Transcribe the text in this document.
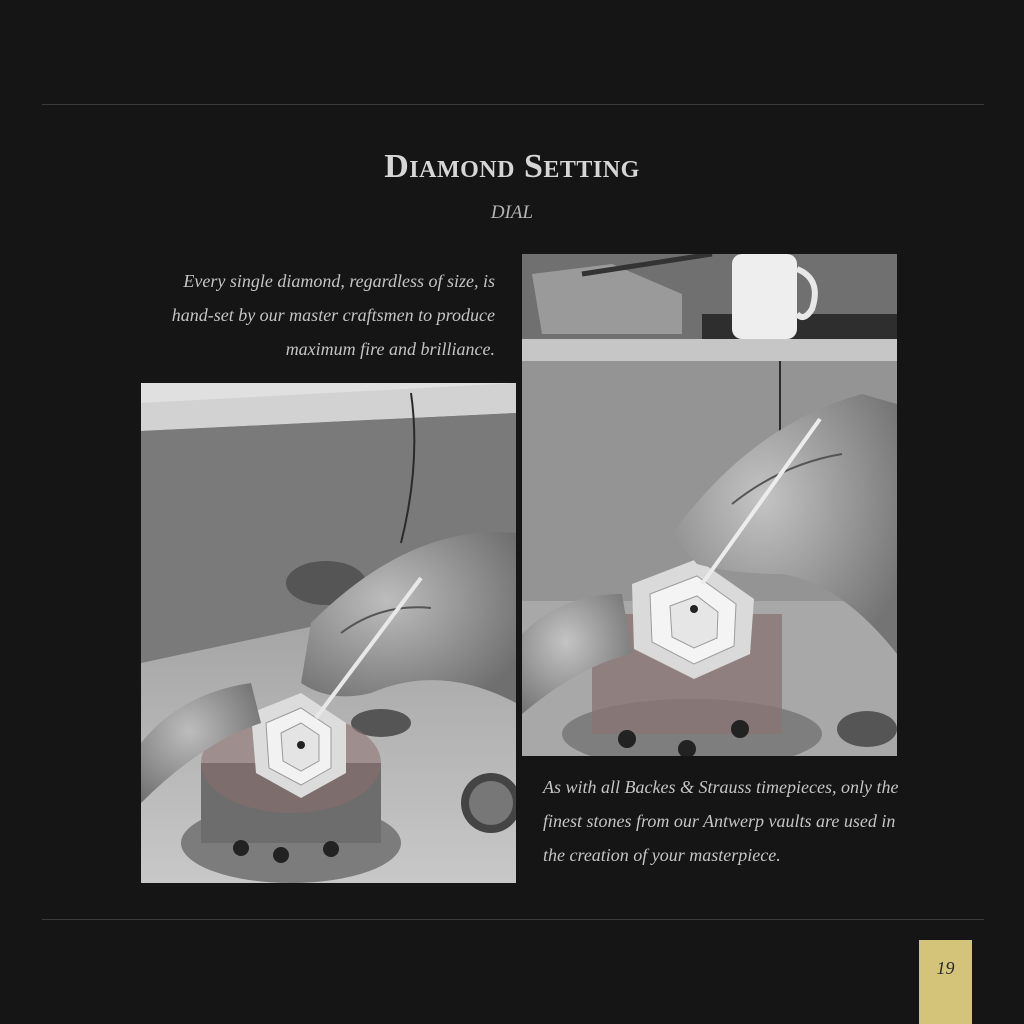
Diamond Setting
DIAL
Every single diamond, regardless of size, is hand-set by our master craftsmen to produce maximum fire and brilliance.
As with all Backes & Strauss timepieces, only the finest stones from our Antwerp vaults are used in the creation of your masterpiece.
19
